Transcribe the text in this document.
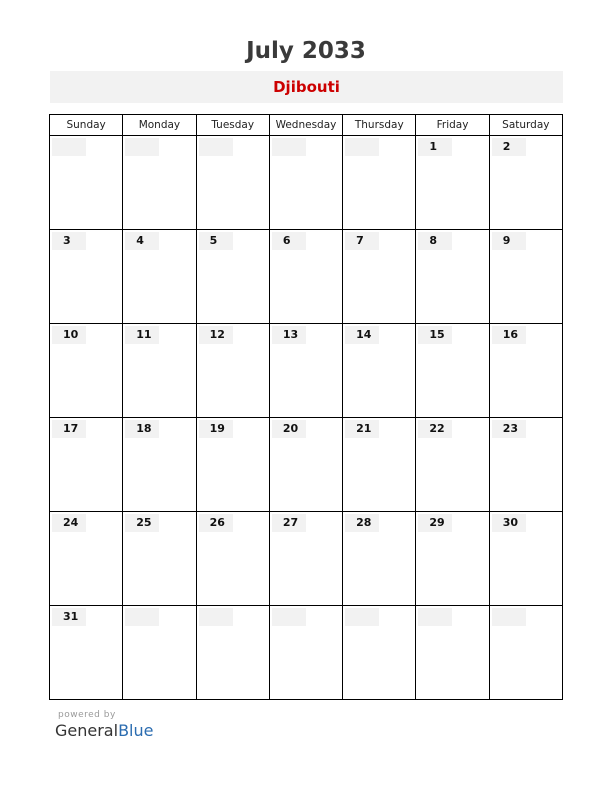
July 2033
Djibouti
Sunday	Monday	Tuesday	Wednesday	Thursday	Friday	Saturday

					1	2

3	4	5	6	7	8	9

10	11	12	13	14	15	16

17	18	19	20	21	22	23

24	25	26	27	28	29	30

31						

powered by
GeneralBlue
